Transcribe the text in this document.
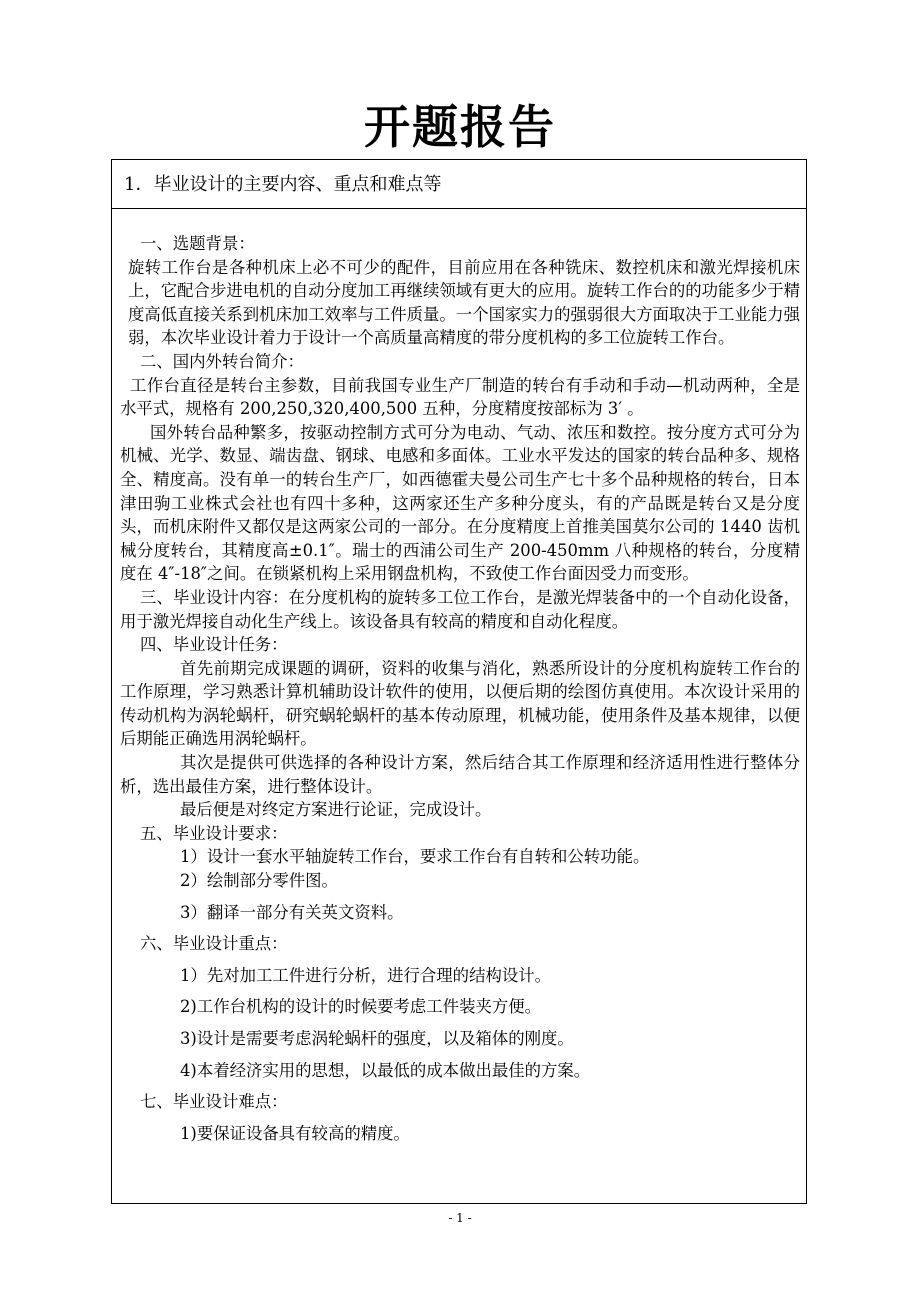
开题报告
1．毕业设计的主要内容、重点和难点等

一、选题背景：

旋转工作台是各种机床上必不可少的配件，目前应用在各种铣床、数控机床和激光焊接机床上，它配合步进电机的自动分度加工再继续领域有更大的应用。旋转工作台的的功能多少于精度高低直接关系到机床加工效率与工件质量。一个国家实力的强弱很大方面取决于工业能力强弱，本次毕业设计着力于设计一个高质量高精度的带分度机构的多工位旋转工作台。

二、国内外转台简介：

工作台直径是转台主参数，目前我国专业生产厂制造的转台有手动和手动—机动两种，全是水平式，规格有 200,250,320,400,500 五种，分度精度按部标为 3′ 。

国外转台品种繁多，按驱动控制方式可分为电动、气动、浓压和数控。按分度方式可分为机械、光学、数显、端齿盘、钢球、电感和多面体。工业水平发达的国家的转台品种多、规格全、精度高。没有单一的转台生产厂，如西德霍夫曼公司生产七十多个品种规格的转台，日本津田驹工业株式会社也有四十多种，这两家还生产多种分度头，有的产品既是转台又是分度头，而机床附件又都仅是这两家公司的一部分。在分度精度上首推美国莫尔公司的 1440 齿机械分度转台，其精度高±0.1″。瑞士的西浦公司生产 200-450mm 八种规格的转台，分度精度在 4″-18″之间。在锁紧机构上采用钢盘机构，不致使工作台面因受力而变形。

三、毕业设计内容：在分度机构的旋转多工位工作台，是激光焊装备中的一个自动化设备，用于激光焊接自动化生产线上。该设备具有较高的精度和自动化程度。

四、毕业设计任务：

首先前期完成课题的调研，资料的收集与消化，熟悉所设计的分度机构旋转工作台的工作原理，学习熟悉计算机辅助设计软件的使用，以便后期的绘图仿真使用。本次设计采用的传动机构为涡轮蜗杆，研究蜗轮蜗杆的基本传动原理，机械功能，使用条件及基本规律，以便后期能正确选用涡轮蜗杆。

其次是提供可供选择的各种设计方案，然后结合其工作原理和经济适用性进行整体分析，选出最佳方案，进行整体设计。

最后便是对终定方案进行论证，完成设计。

五、毕业设计要求：

1）设计一套水平轴旋转工作台，要求工作台有自转和公转功能。

2）绘制部分零件图。

3）翻译一部分有关英文资料。

六、毕业设计重点：

1）先对加工工件进行分析，进行合理的结构设计。

2)工作台机构的设计的时候要考虑工件装夹方便。

3)设计是需要考虑涡轮蜗杆的强度，以及箱体的刚度。

4)本着经济实用的思想，以最低的成本做出最佳的方案。

七、毕业设计难点：

1)要保证设备具有较高的精度。

- 1 -
